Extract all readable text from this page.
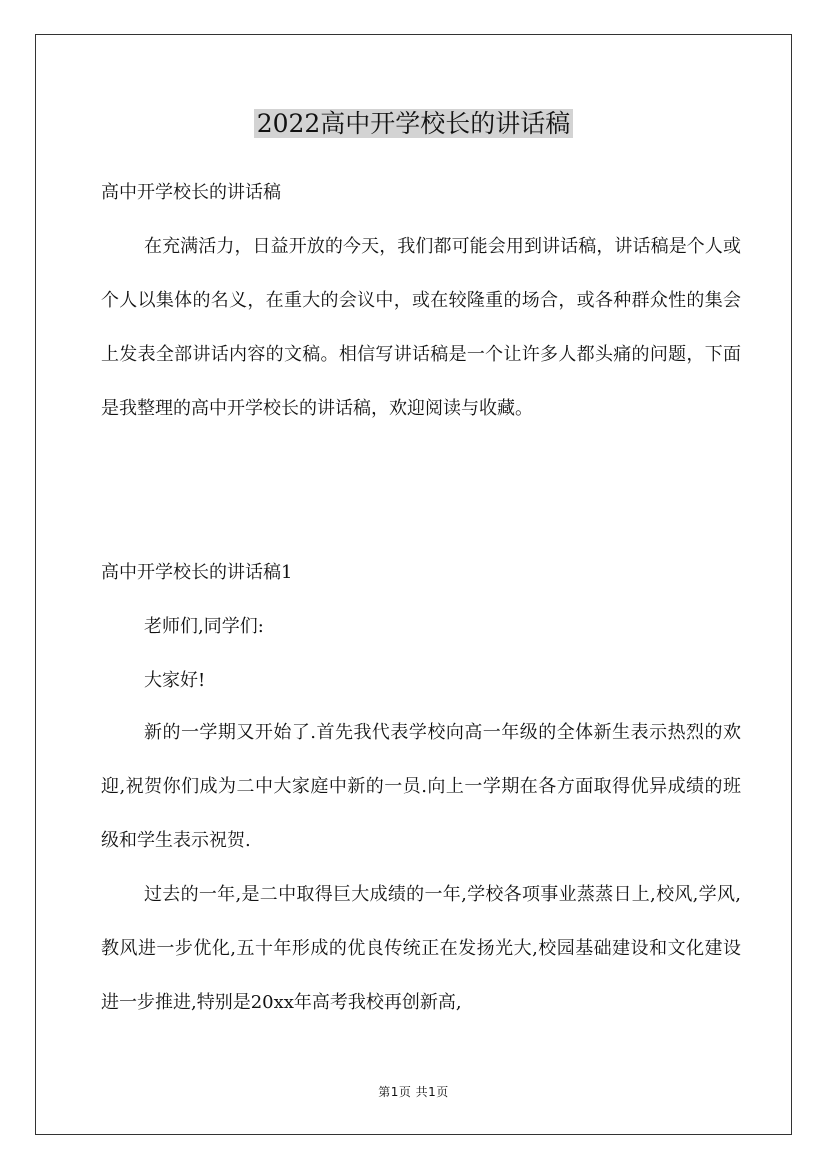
2022高中开学校长的讲话稿
高中开学校长的讲话稿
在充满活力，日益开放的今天，我们都可能会用到讲话稿，讲话稿是个人或个人以集体的名义，在重大的会议中，或在较隆重的场合，或各种群众性的集会上发表全部讲话内容的文稿。相信写讲话稿是一个让许多人都头痛的问题，下面是我整理的高中开学校长的讲话稿，欢迎阅读与收藏。
高中开学校长的讲话稿1
老师们,同学们:
大家好!
新的一学期又开始了.首先我代表学校向高一年级的全体新生表示热烈的欢迎,祝贺你们成为二中大家庭中新的一员.向上一学期在各方面取得优异成绩的班级和学生表示祝贺.
过去的一年,是二中取得巨大成绩的一年,学校各项事业蒸蒸日上,校风,学风,教风进一步优化,五十年形成的优良传统正在发扬光大,校园基础建设和文化建设进一步推进,特别是20xx年高考我校再创新高,
第1页 共1页
